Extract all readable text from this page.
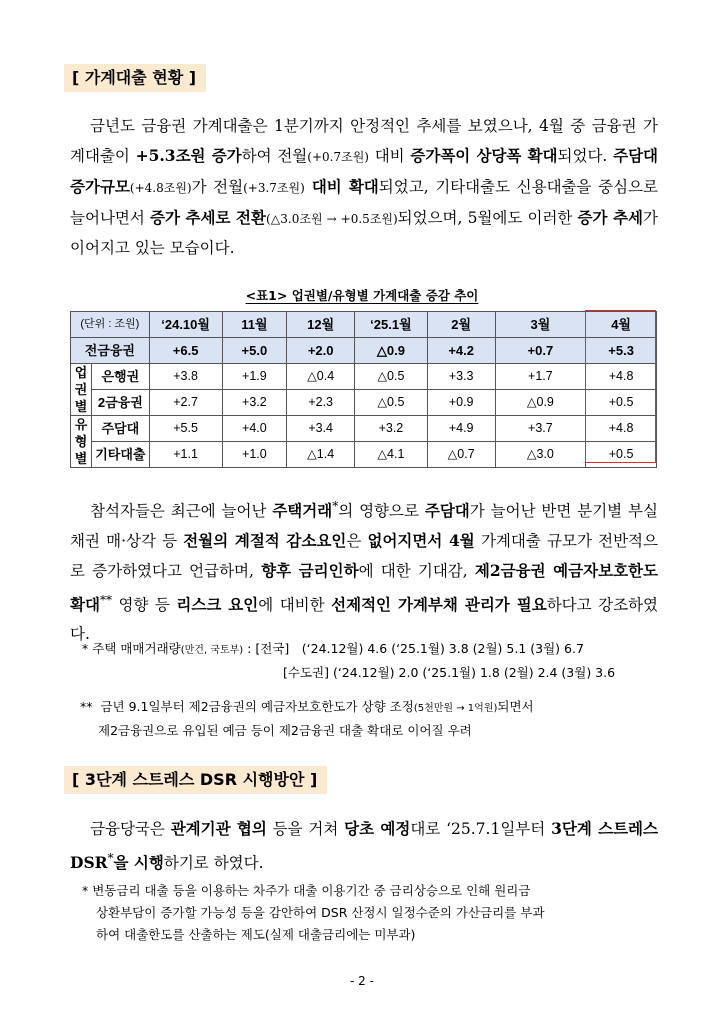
[ 가계대출 현황 ]

금년도 금융권 가계대출은 1분기까지 안정적인 추세를 보였으나, 4월 중 금융권 가계대출이 +5.3조원 증가하여 전월(+0.7조원) 대비 증가폭이 상당폭 확대되었다. 주담대 증가규모(+4.8조원)가 전월(+3.7조원) 대비 확대되었고, 기타대출도 신용대출을 중심으로 늘어나면서 증가 추세로 전환(△3.0조원 → +0.5조원)되었으며, 5월에도 이러한 증가 추세가 이어지고 있는 모습이다.

<표1> 업권별/유형별 가계대출 증감 추이
(단위 : 조원)		‘24.10월	11월	12월	‘25.1월	2월	3월	4월
전금융권		+6.5	+5.0	+2.0	△0.9	+4.2	+0.7	+5.3
업
권
별	은행권	+3.8	+1.9	△0.4	△0.5	+3.3	+1.7	+4.8
	2금융권	+2.7	+3.2	+2.3	△0.5	+0.9	△0.9	+0.5
유
형
별	주담대	+5.5	+4.0	+3.4	+3.2	+4.9	+3.7	+4.8
	기타대출	+1.1	+1.0	△1.4	△4.1	△0.7	△3.0	+0.5

참석자들은 최근에 늘어난 주택거래*의 영향으로 주담대가 늘어난 반면 분기별 부실채권 매·상각 등 전월의 계절적 감소요인은 없어지면서 4월 가계대출 규모가 전반적으로 증가하였다고 언급하며, 향후 금리인하에 대한 기대감, 제2금융권 예금자보호한도 확대** 영향 등 리스크 요인에 대비한 선제적인 가계부채 관리가 필요하다고 강조하였다.

* 주택 매매거래량(만건, 국토부) : [전국]　(‘24.12월) 4.6 (‘25.1월) 3.8 (2월) 5.1 (3월) 6.7
[수도권] (‘24.12월) 2.0 (‘25.1월) 1.8 (2월) 2.4 (3월) 3.6
** 금년 9.1일부터 제2금융권의 예금자보호한도가 상향 조정(5천만원 → 1억원)되면서
제2금융권으로 유입된 예금 등이 제2금융권 대출 확대로 이어질 우려
[ 3단계 스트레스 DSR 시행방안 ]

금융당국은 관계기관 협의 등을 거쳐 당초 예정대로 ‘25.7.1일부터 3단계 스트레스 DSR*을 시행하기로 하였다.

* 변동금리 대출 등을 이용하는 차주가 대출 이용기간 중 금리상승으로 인해 원리금
상환부담이 증가할 가능성 등을 감안하여 DSR 산정시 일정수준의 가산금리를 부과
하여 대출한도를 산출하는 제도(실제 대출금리에는 미부과)
- 2 -
